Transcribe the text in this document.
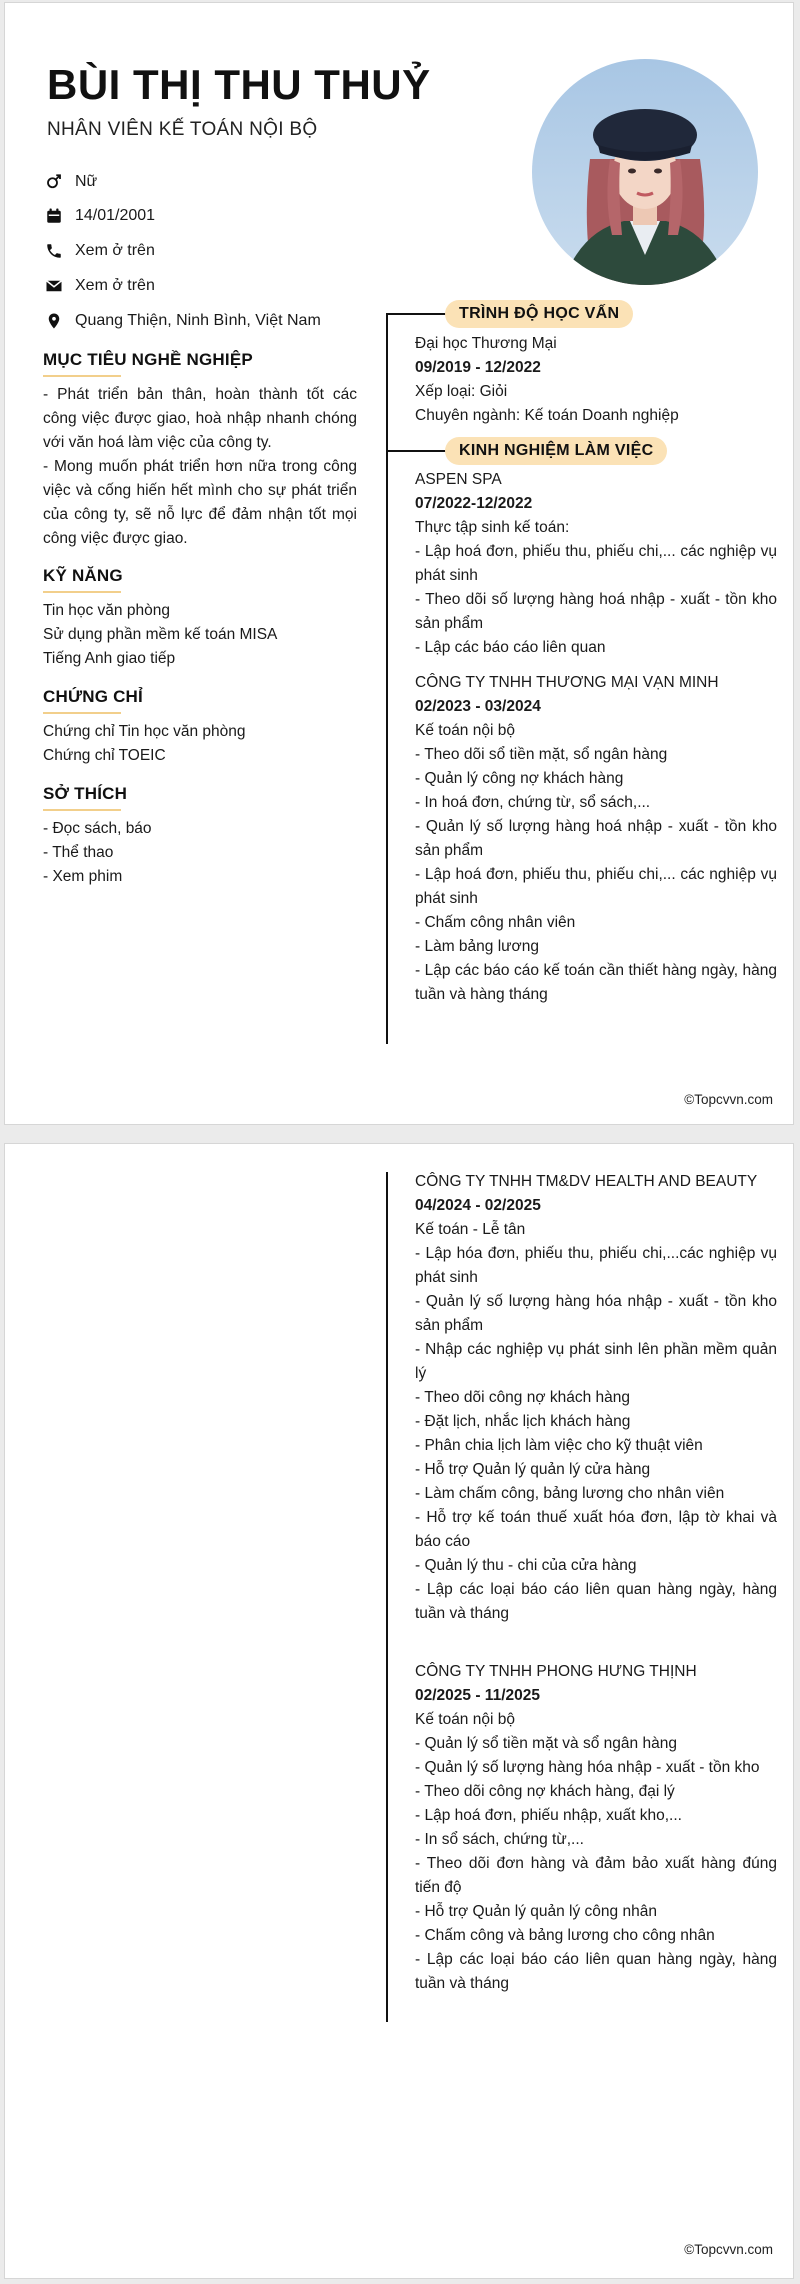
BÙI THỊ THU THUỶ
NHÂN VIÊN KẾ TOÁN NỘI BỘ
Nữ
14/01/2001
Xem ở trên
Xem ở trên
Quang Thiện, Ninh Bình, Việt Nam
MỤC TIÊU NGHỀ NGHIỆP
- Phát triển bản thân, hoàn thành tốt các công việc được giao, hoà nhập nhanh chóng với văn hoá làm việc của công ty.
- Mong muốn phát triển hơn nữa trong công việc và cống hiến hết mình cho sự phát triển của công ty, sẽ nỗ lực để đảm nhận tốt mọi công việc được giao.
KỸ NĂNG
Tin học văn phòng
Sử dụng phần mềm kế toán MISA
Tiếng Anh giao tiếp
CHỨNG CHỈ
Chứng chỉ Tin học văn phòng
Chứng chỉ TOEIC
SỞ THÍCH
- Đọc sách, báo
- Thể thao
- Xem phim
TRÌNH ĐỘ HỌC VẤN
Đại học Thương Mại
09/2019 - 12/2022
Xếp loại: Giỏi
Chuyên ngành: Kế toán Doanh nghiệp
KINH NGHIỆM LÀM VIỆC
ASPEN SPA
07/2022-12/2022
Thực tập sinh kế toán:
- Lập hoá đơn, phiếu thu, phiếu chi,... các nghiệp vụ phát sinh
- Theo dõi số lượng hàng hoá nhập - xuất - tồn kho sản phẩm
- Lập các báo cáo liên quan
CÔNG TY TNHH THƯƠNG MẠI VẠN MINH
02/2023 - 03/2024
Kế toán nội bộ
- Theo dõi sổ tiền mặt, sổ ngân hàng
- Quản lý công nợ khách hàng
- In hoá đơn, chứng từ, sổ sách,...
- Quản lý số lượng hàng hoá nhập - xuất - tồn kho sản phẩm
- Lập hoá đơn, phiếu thu, phiếu chi,... các nghiệp vụ phát sinh
- Chấm công nhân viên
- Làm bảng lương
- Lập các báo cáo kế toán cần thiết hàng ngày, hàng tuần và hàng tháng
©Topcvvn.com
CÔNG TY TNHH TM&DV HEALTH AND BEAUTY
04/2024 - 02/2025
Kế toán - Lễ tân
- Lập hóa đơn, phiếu thu, phiếu chi,...các nghiệp vụ phát sinh
- Quản lý số lượng hàng hóa nhập - xuất - tồn kho sản phẩm
- Nhập các nghiệp vụ phát sinh lên phần mềm quản lý
- Theo dõi công nợ khách hàng
- Đặt lịch, nhắc lịch khách hàng
- Phân chia lịch làm việc cho kỹ thuật viên
- Hỗ trợ Quản lý quản lý cửa hàng
- Làm chấm công, bảng lương cho nhân viên
- Hỗ trợ kế toán thuế xuất hóa đơn, lập tờ khai và báo cáo
- Quản lý thu - chi của cửa hàng
- Lập các loại báo cáo liên quan hàng ngày, hàng tuần và tháng
CÔNG TY TNHH PHONG HƯNG THỊNH
02/2025 - 11/2025
Kế toán nội bộ
- Quản lý sổ tiền mặt và sổ ngân hàng
- Quản lý số lượng hàng hóa nhập - xuất - tồn kho
- Theo dõi công nợ khách hàng, đại lý
- Lập hoá đơn, phiếu nhập, xuất kho,...
- In sổ sách, chứng từ,...
- Theo dõi đơn hàng và đảm bảo xuất hàng đúng tiến độ
- Hỗ trợ Quản lý quản lý công nhân
- Chấm công và bảng lương cho công nhân
- Lập các loại báo cáo liên quan hàng ngày, hàng tuần và tháng
©Topcvvn.com
